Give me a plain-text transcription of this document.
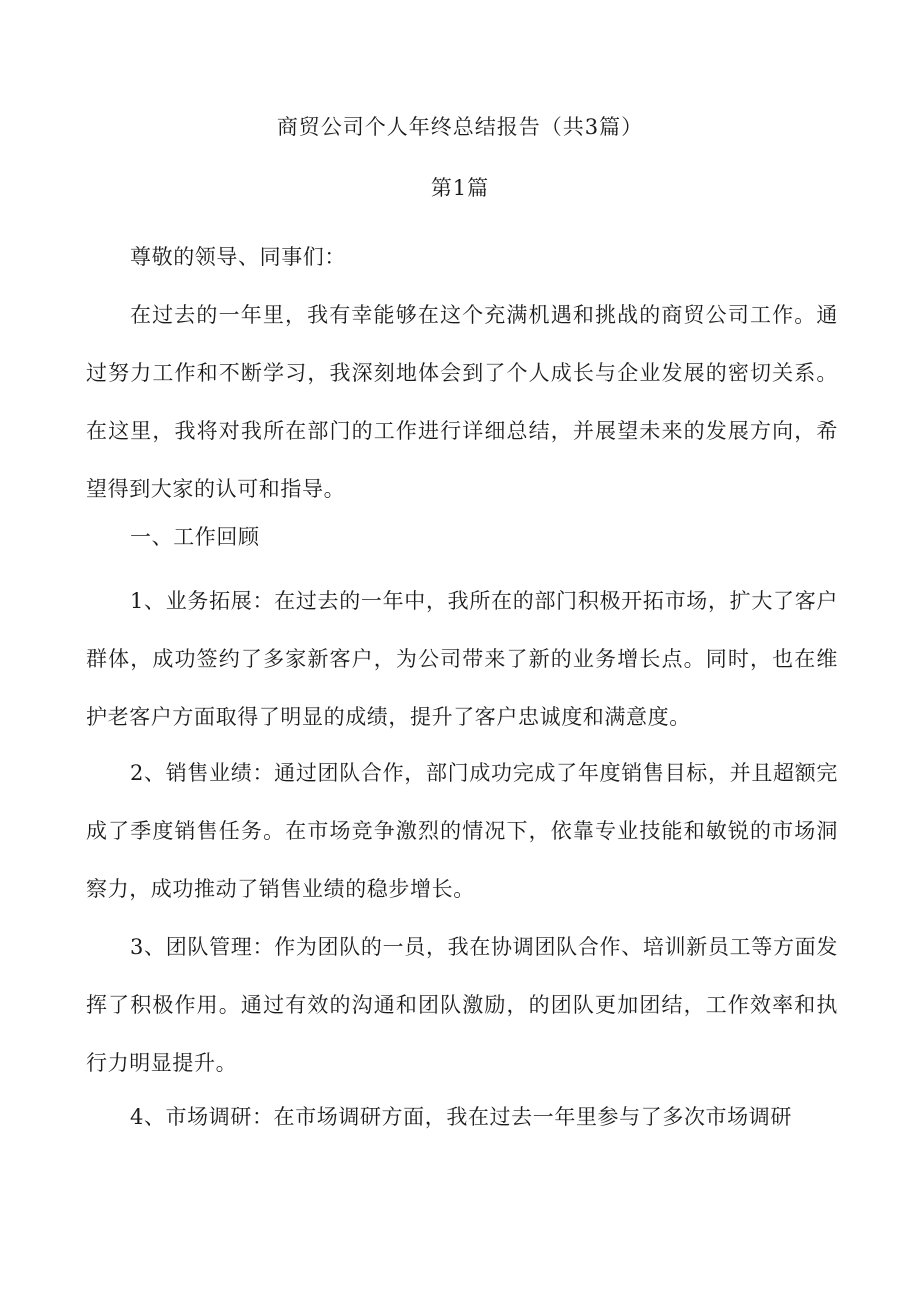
商贸公司个人年终总结报告（共3篇）
第1篇

尊敬的领导、同事们：

在过去的一年里，我有幸能够在这个充满机遇和挑战的商贸公司工作。通过努力工作和不断学习，我深刻地体会到了个人成长与企业发展的密切关系。在这里，我将对我所在部门的工作进行详细总结，并展望未来的发展方向，希望得到大家的认可和指导。

一、工作回顾

1、业务拓展：在过去的一年中，我所在的部门积极开拓市场，扩大了客户群体，成功签约了多家新客户，为公司带来了新的业务增长点。同时，也在维护老客户方面取得了明显的成绩，提升了客户忠诚度和满意度。

2、销售业绩：通过团队合作，部门成功完成了年度销售目标，并且超额完成了季度销售任务。在市场竞争激烈的情况下，依靠专业技能和敏锐的市场洞察力，成功推动了销售业绩的稳步增长。

3、团队管理：作为团队的一员，我在协调团队合作、培训新员工等方面发挥了积极作用。通过有效的沟通和团队激励，的团队更加团结，工作效率和执行力明显提升。

4、市场调研：在市场调研方面，我在过去一年里参与了多次市场调研
